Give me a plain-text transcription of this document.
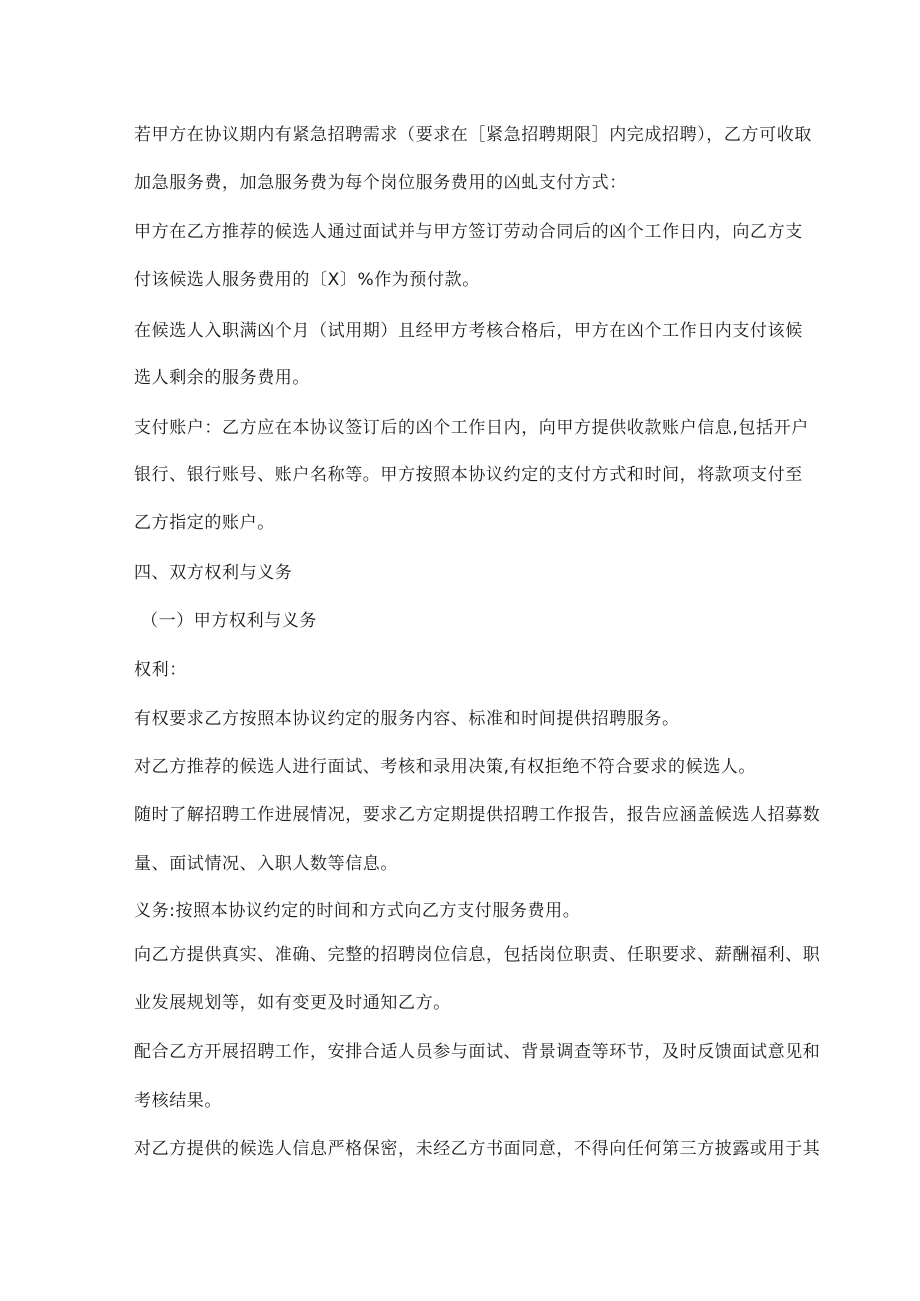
若甲方在协议期内有紧急招聘需求（要求在［紧急招聘期限］内完成招聘），乙方可收取
加急服务费，加急服务费为每个岗位服务费用的凶虬支付方式：
甲方在乙方推荐的候选人通过面试并与甲方签订劳动合同后的凶个工作日内，向乙方支
付该候选人服务费用的〔X〕%作为预付款。
在候选人入职满凶个月（试用期）且经甲方考核合格后，甲方在凶个工作日内支付该候
选人剩余的服务费用。
支付账户：乙方应在本协议签订后的凶个工作日内，向甲方提供收款账户信息,包括开户
银行、银行账号、账户名称等。甲方按照本协议约定的支付方式和时间，将款项支付至
乙方指定的账户。
四、双方权利与义务
（一）甲方权利与义务
权利：
有权要求乙方按照本协议约定的服务内容、标准和时间提供招聘服务。
对乙方推荐的候选人进行面试、考核和录用决策,有权拒绝不符合要求的候选人。
随时了解招聘工作进展情况，要求乙方定期提供招聘工作报告，报告应涵盖候选人招募数
量、面试情况、入职人数等信息。
义务:按照本协议约定的时间和方式向乙方支付服务费用。
向乙方提供真实、准确、完整的招聘岗位信息，包括岗位职责、任职要求、薪酬福利、职
业发展规划等，如有变更及时通知乙方。
配合乙方开展招聘工作，安排合适人员参与面试、背景调查等环节，及时反馈面试意见和
考核结果。
对乙方提供的候选人信息严格保密，未经乙方书面同意，不得向任何第三方披露或用于其
